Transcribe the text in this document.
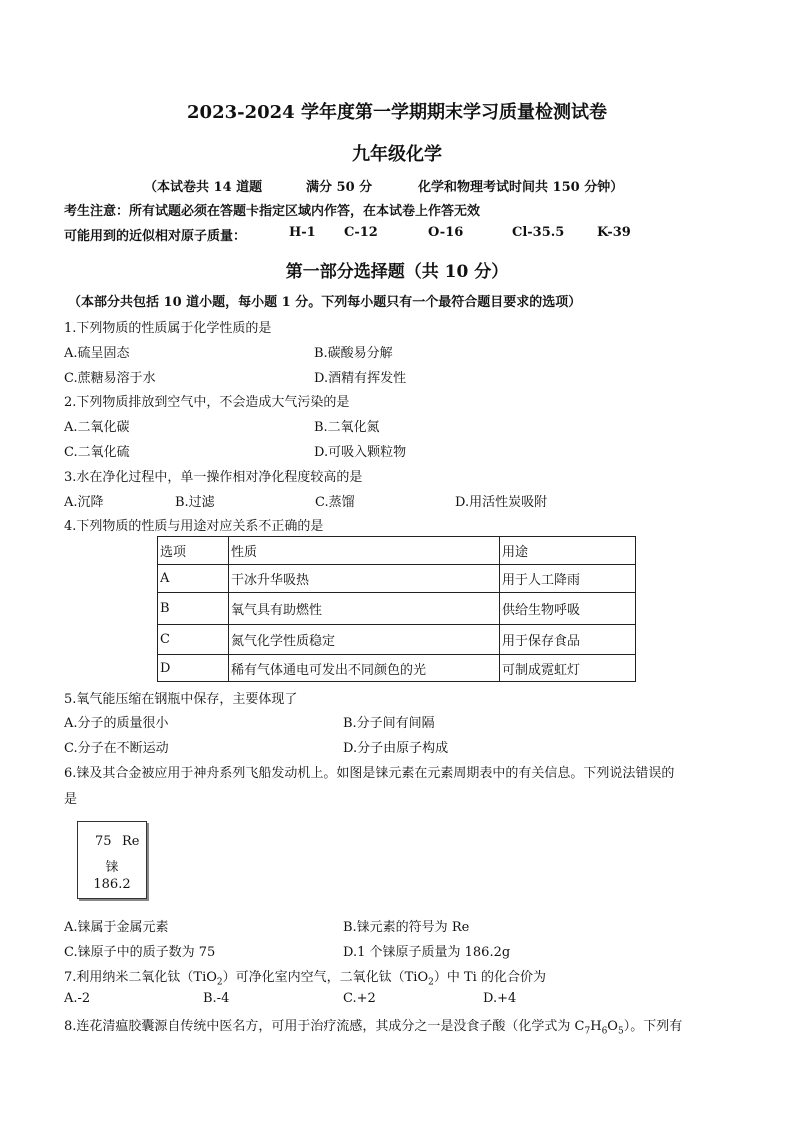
2023-2024 学年度第一学期期末学习质量检测试卷
九年级化学
（本试卷共 14 道题	满分 50 分	化学和物理考试时间共 150 分钟）
考生注意：所有试题必须在答题卡指定区域内作答，在本试卷上作答无效
可能用到的近似相对原子质量：	H-1 C-12	O-16	Cl-35.5	K-39
第一部分选择题（共 10 分）
（本部分共包括 10 道小题，每小题 1 分。下列每小题只有一个最符合题目要求的选项）
1.下列物质的性质属于化学性质的是
A.硫呈固态	B.碳酸易分解
C.蔗糖易溶于水	D.酒精有挥发性
2.下列物质排放到空气中，不会造成大气污染的是
A.二氧化碳	B.二氧化氮
C.二氧化硫	D.可吸入颗粒物
3.水在净化过程中，单一操作相对净化程度较高的是
A.沉降	B.过滤	C.蒸馏	D.用活性炭吸附
4.下列物质的性质与用途对应关系不正确的是
选项	性质	用途
A	干冰升华吸热	用于人工降雨
B	氧气具有助燃性	供给生物呼吸
C	氮气化学性质稳定	用于保存食品
D	稀有气体通电可发出不同颜色的光	可制成霓虹灯
5.氧气能压缩在钢瓶中保存，主要体现了
A.分子的质量很小	B.分子间有间隔
C.分子在不断运动	D.分子由原子构成
6.铼及其合金被应用于神舟系列飞船发动机上。如图是铼元素在元素周期表中的有关信息。下列说法错误的
是
75 Re
铼
186.2
A.铼属于金属元素	B.铼元素的符号为 Re
C.铼原子中的质子数为 75	D.1 个铼原子质量为 186.2g
7.利用纳米二氧化钛（TiO$_2$）可净化室内空气，二氧化钛（TiO$_2$）中 Ti 的化合价为
A.-2	B.-4	C.+2	D.+4
8.连花清瘟胶囊源自传统中医名方，可用于治疗流感，其成分之一是没食子酸（化学式为 $C_7H_6O_5$）。下列有
